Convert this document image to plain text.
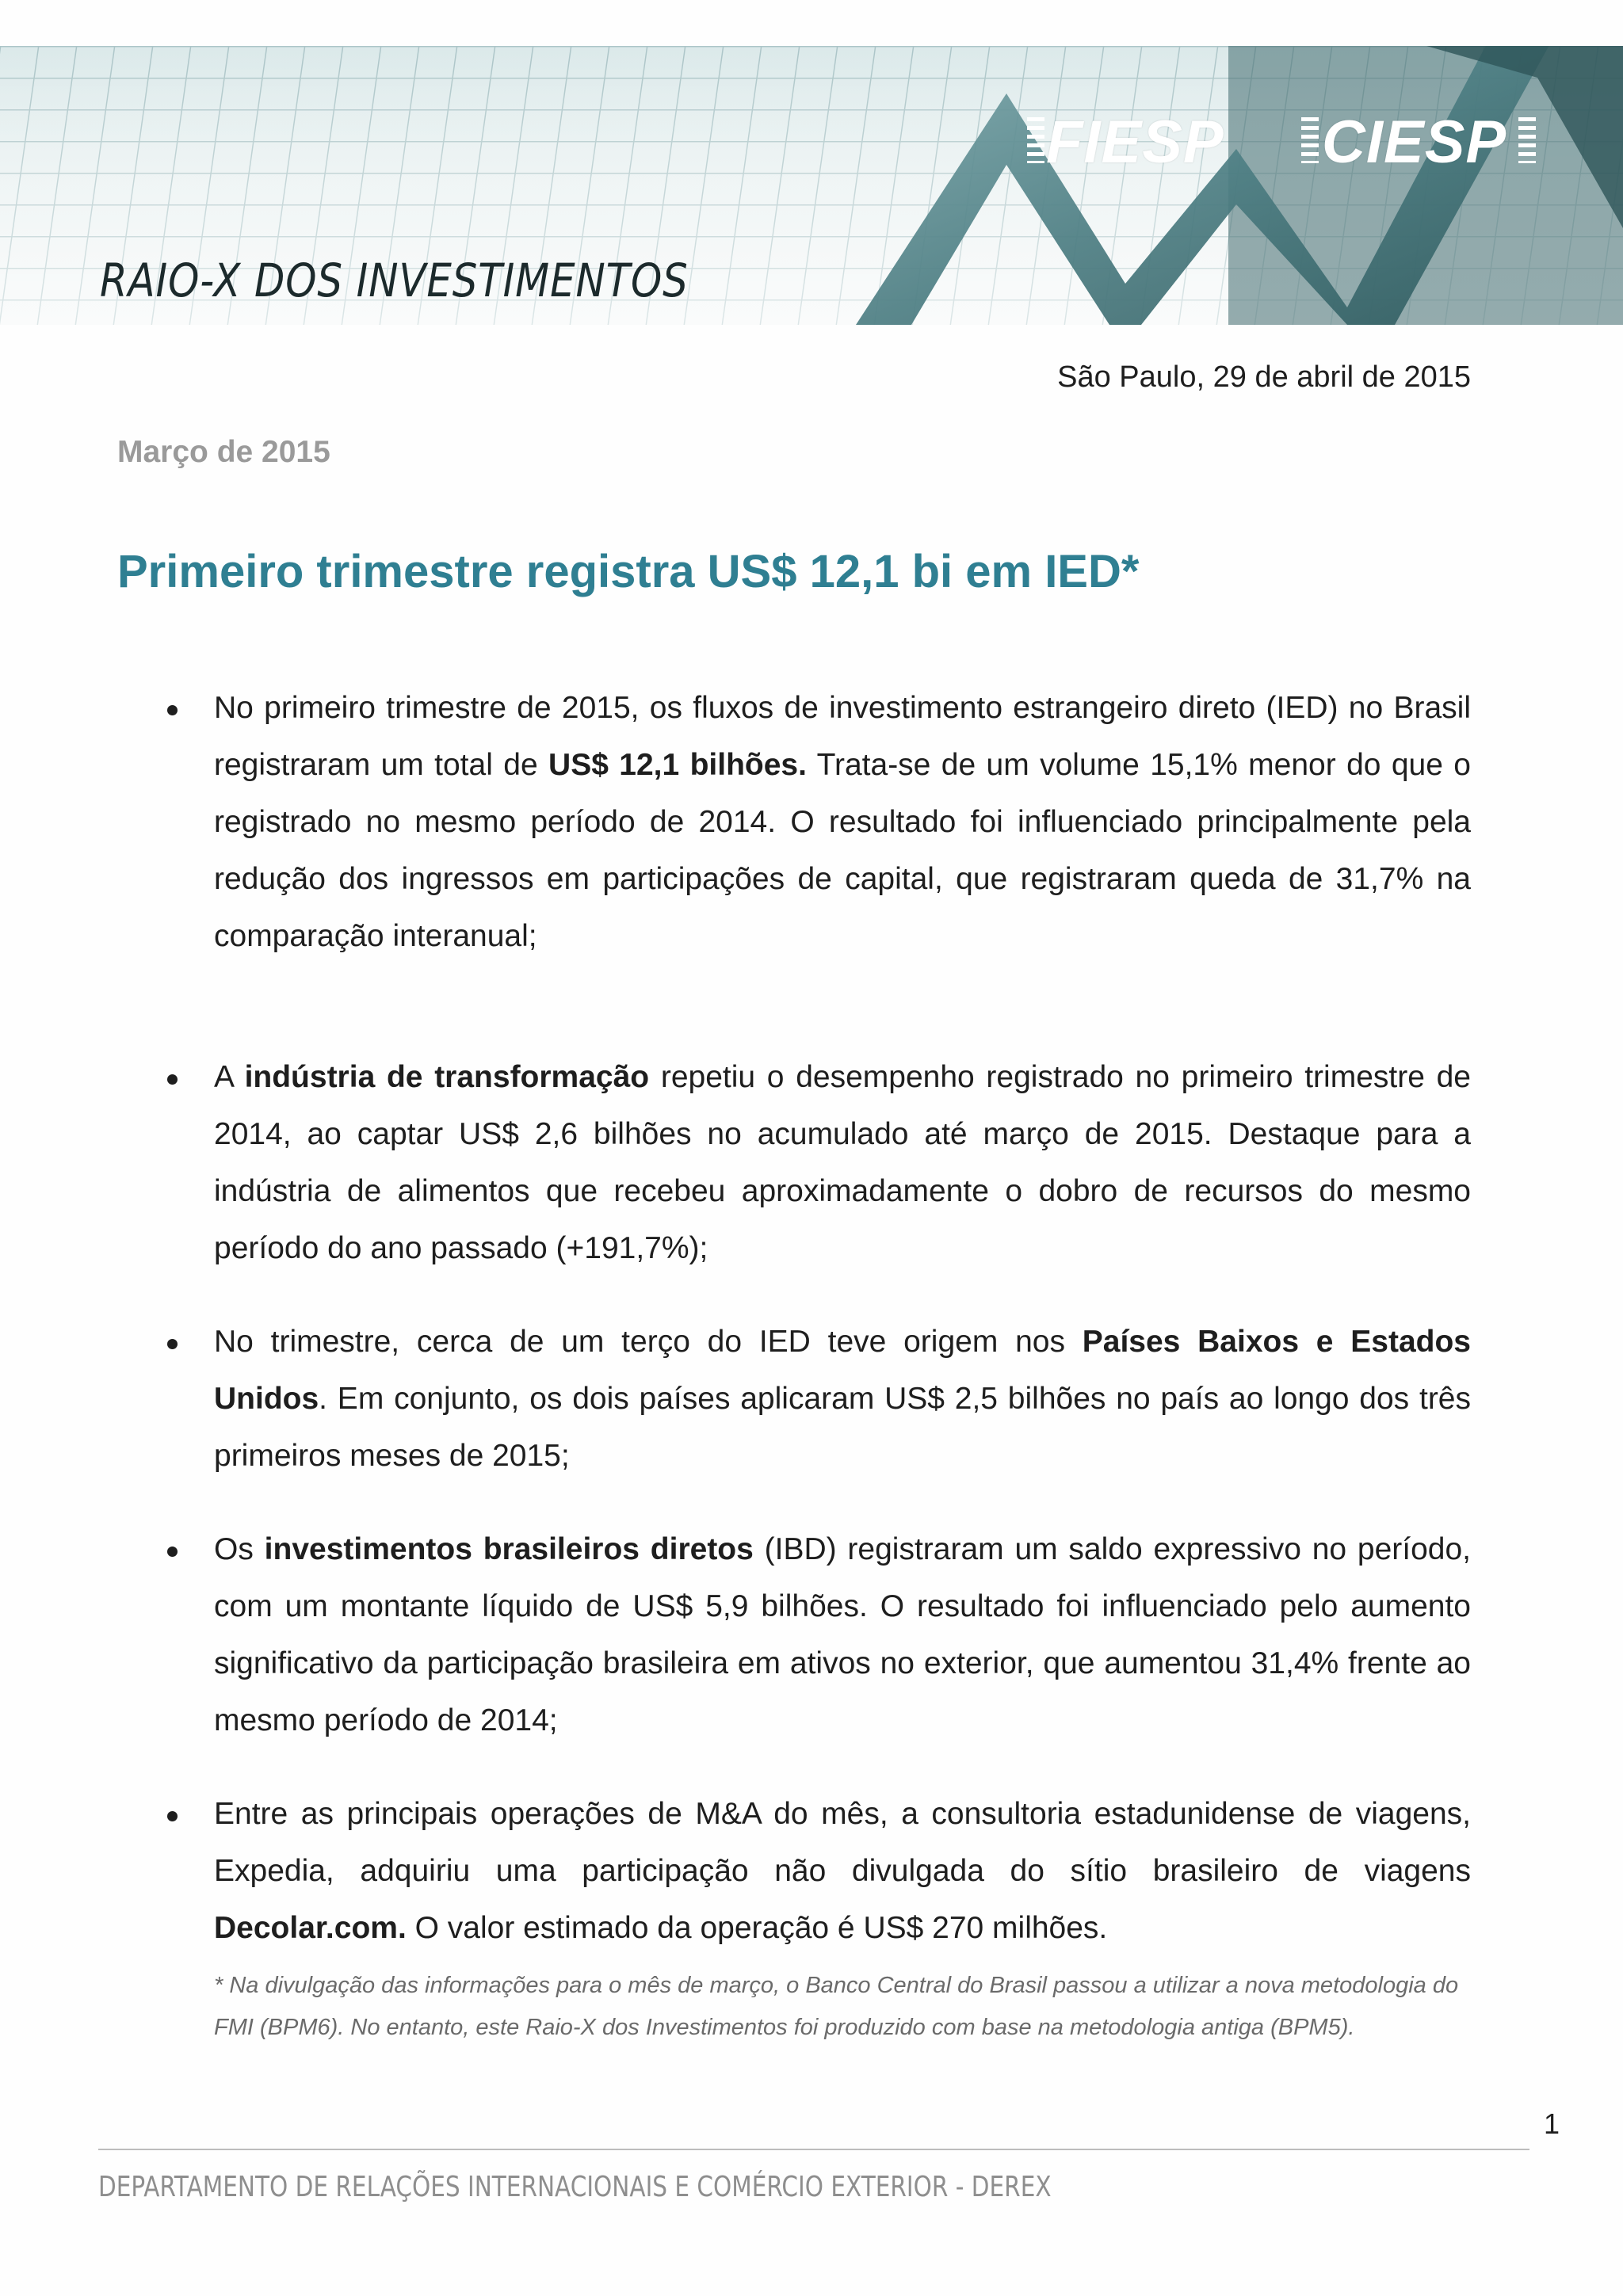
RAIO-X DOS INVESTIMENTOS
FIESP CIESP
São Paulo, 29 de abril de 2015
Março de 2015
Primeiro trimestre registra US$ 12,1 bi em IED*
No primeiro trimestre de 2015, os fluxos de investimento estrangeiro direto (IED) no Brasil registraram um total de US$ 12,1 bilhões. Trata-se de um volume 15,1% menor do que o registrado no mesmo período de 2014. O resultado foi influenciado principalmente pela redução dos ingressos em participações de capital, que registraram queda de 31,7% na comparação interanual;
A indústria de transformação repetiu o desempenho registrado no primeiro trimestre de 2014, ao captar US$ 2,6 bilhões no acumulado até março de 2015. Destaque para a indústria de alimentos que recebeu aproximadamente o dobro de recursos do mesmo período do ano passado (+191,7%);
No trimestre, cerca de um terço do IED teve origem nos Países Baixos e Estados Unidos. Em conjunto, os dois países aplicaram US$ 2,5 bilhões no país ao longo dos três primeiros meses de 2015;
Os investimentos brasileiros diretos (IBD) registraram um saldo expressivo no período, com um montante líquido de US$ 5,9 bilhões. O resultado foi influenciado pelo aumento significativo da participação brasileira em ativos no exterior, que aumentou 31,4% frente ao mesmo período de 2014;
Entre as principais operações de M&A do mês, a consultoria estadunidense de viagens, Expedia, adquiriu uma participação não divulgada do sítio brasileiro de viagens Decolar.com. O valor estimado da operação é US$ 270 milhões.

* Na divulgação das informações para o mês de março, o Banco Central do Brasil passou a utilizar a nova metodologia do FMI (BPM6). No entanto, este Raio-X dos Investimentos foi produzido com base na metodologia antiga (BPM5).

1
DEPARTAMENTO DE RELAÇÕES INTERNACIONAIS E COMÉRCIO EXTERIOR - DEREX
